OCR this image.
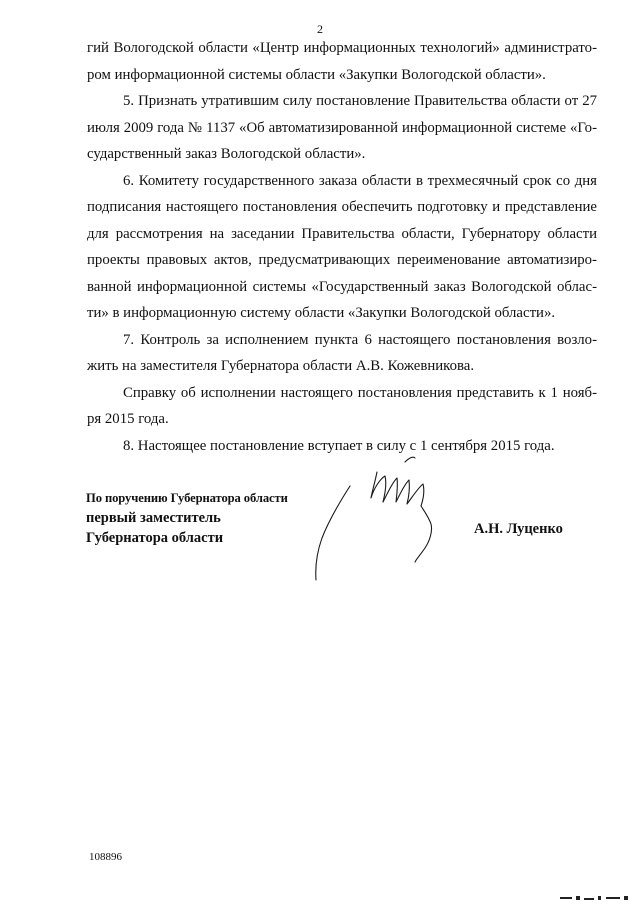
2

гий Вологодской области «Центр информационных технологий» администрато- ром информационной системы области «Закупки Вологодской области».

5. Признать утратившим силу постановление Правительства области от 27 июля 2009 года № 1137 «Об автоматизированной информационной системе «Го- сударственный заказ Вологодской области».

6. Комитету государственного заказа области в трехмесячный срок со дня подписания настоящего постановления обеспечить подготовку и представление для рассмотрения на заседании Правительства области, Губернатору области проекты правовых актов, предусматривающих переименование автоматизиро- ванной информационной системы «Государственный заказ Вологодской облас- ти» в информационную систему области «Закупки Вологодской области».

7. Контроль за исполнением пункта 6 настоящего постановления возло- жить на заместителя Губернатора области А.В. Кожевникова.

Справку об исполнении настоящего постановления представить к 1 нояб- ря 2015 года.

8. Настоящее постановление вступает в силу с 1 сентября 2015 года.

По поручению Губернатора области
первый заместитель
Губернатора области
А.Н. Луценко
108896
